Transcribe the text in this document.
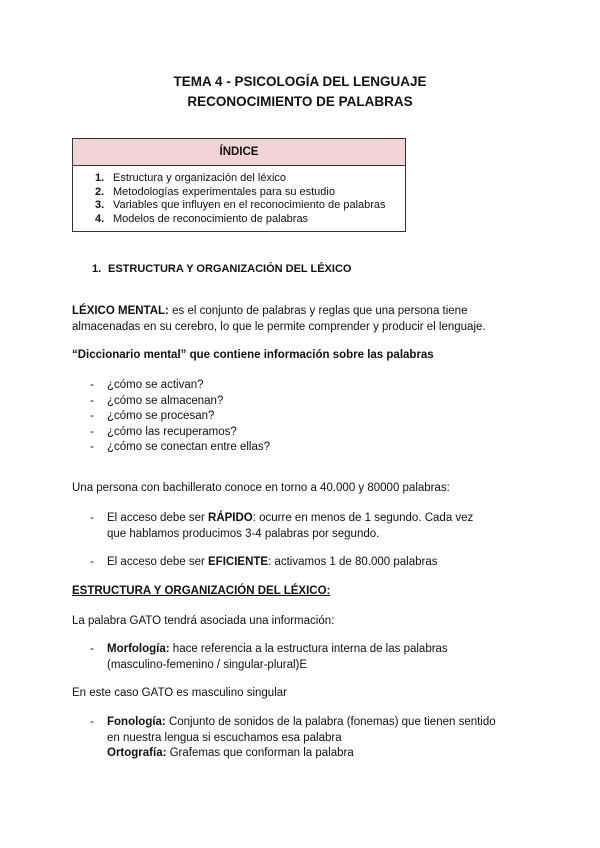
TEMA 4 - PSICOLOGÍA DEL LENGUAJE
RECONOCIMIENTO DE PALABRAS
ÍNDICE
1. Estructura y organización del léxico
2. Metodologías experimentales para su estudio
3. Variables que influyen en el reconocimiento de palabras
4. Modelos de reconocimiento de palabras
1. ESTRUCTURA Y ORGANIZACIÓN DEL LÉXICO
LÉXICO MENTAL: es el conjunto de palabras y reglas que una persona tiene almacenadas en su cerebro, lo que le permite comprender y producir el lenguaje.
“Diccionario mental” que contiene información sobre las palabras
- ¿cómo se activan?
- ¿cómo se almacenan?
- ¿cómo se procesan?
- ¿cómo las recuperamos?
- ¿cómo se conectan entre ellas?
Una persona con bachillerato conoce en torno a 40.000 y 80000 palabras:
- El acceso debe ser RÁPIDO: ocurre en menos de 1 segundo. Cada vez que hablamos producimos 3-4 palabras por segundo.
- El acceso debe ser EFICIENTE: activamos 1 de 80.000 palabras
ESTRUCTURA Y ORGANIZACIÓN DEL LÉXICO:
La palabra GATO tendrá asociada una información:
- Morfología: hace referencia a la estructura interna de las palabras (masculino-femenino / singular-plural)E
En este caso GATO es masculino singular
- Fonología: Conjunto de sonidos de la palabra (fonemas) que tienen sentido en nuestra lengua si escuchamos esa palabra
Ortografía: Grafemas que conforman la palabra
